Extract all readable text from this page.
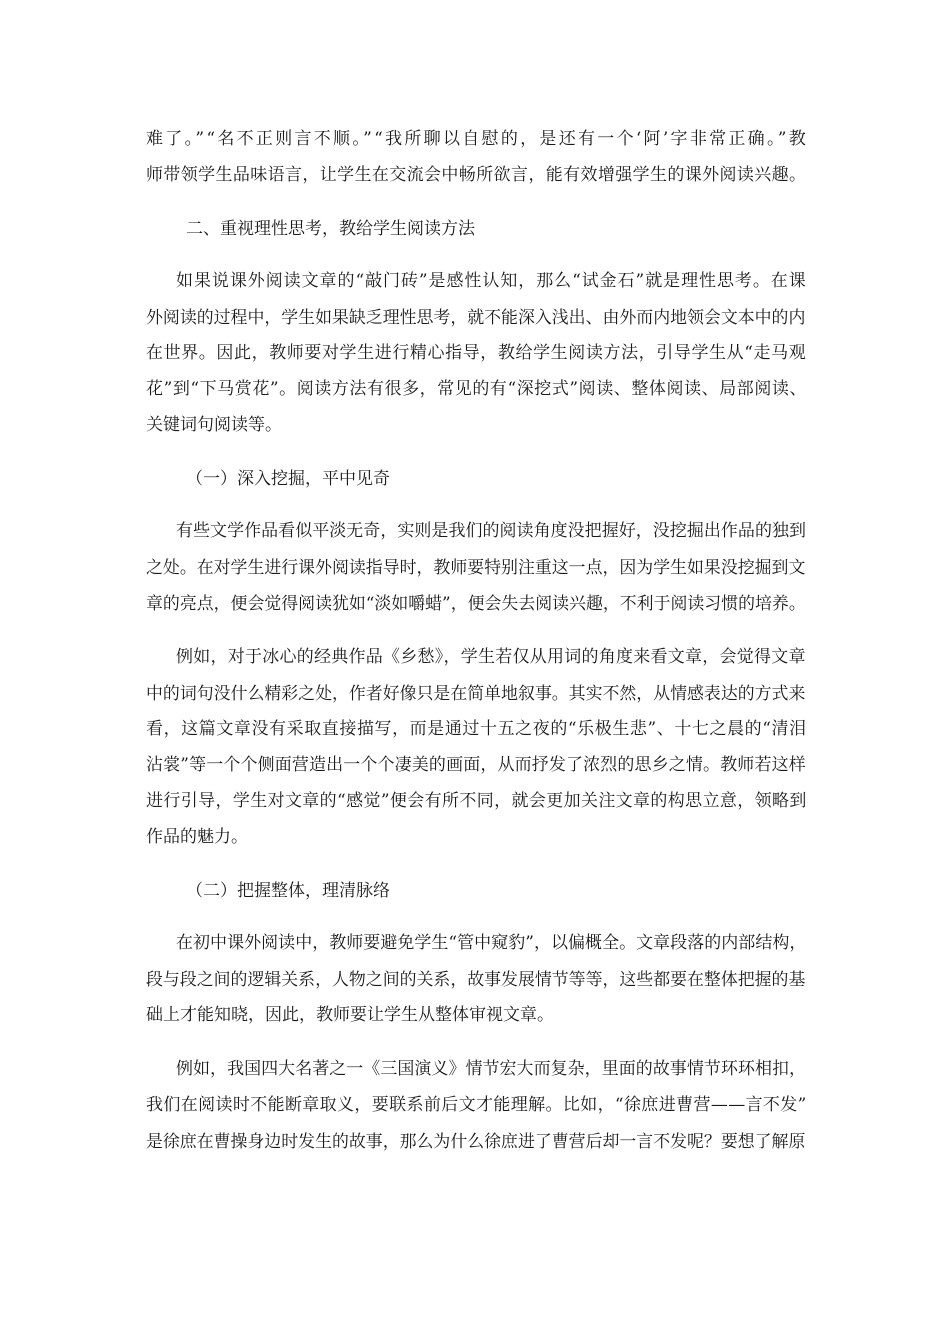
难了。”“名不正则言不顺。”“我所聊以自慰的，是还有一个‘阿’字非常正确。”教
师带领学生品味语言，让学生在交流会中畅所欲言，能有效增强学生的课外阅读兴趣。
二、重视理性思考，教给学生阅读方法
如果说课外阅读文章的“敲门砖”是感性认知，那么“试金石”就是理性思考。在课
外阅读的过程中，学生如果缺乏理性思考，就不能深入浅出、由外而内地领会文本中的内
在世界。因此，教师要对学生进行精心指导，教给学生阅读方法，引导学生从“走马观
花”到“下马赏花”。阅读方法有很多，常见的有“深挖式”阅读、整体阅读、局部阅读、
关键词句阅读等。
（一）深入挖掘，平中见奇
有些文学作品看似平淡无奇，实则是我们的阅读角度没把握好，没挖掘出作品的独到
之处。在对学生进行课外阅读指导时，教师要特别注重这一点，因为学生如果没挖掘到文
章的亮点，便会觉得阅读犹如“淡如嚼蜡”，便会失去阅读兴趣，不利于阅读习惯的培养。
例如，对于冰心的经典作品《乡愁》，学生若仅从用词的角度来看文章，会觉得文章
中的词句没什么精彩之处，作者好像只是在简单地叙事。其实不然，从情感表达的方式来
看，这篇文章没有采取直接描写，而是通过十五之夜的“乐极生悲”、十七之晨的“清泪
沾裳”等一个个侧面营造出一个个凄美的画面，从而抒发了浓烈的思乡之情。教师若这样
进行引导，学生对文章的“感觉”便会有所不同，就会更加关注文章的构思立意，领略到
作品的魅力。
（二）把握整体，理清脉络
在初中课外阅读中，教师要避免学生“管中窥豹”，以偏概全。文章段落的内部结构，
段与段之间的逻辑关系，人物之间的关系，故事发展情节等等，这些都要在整体把握的基
础上才能知晓，因此，教师要让学生从整体审视文章。
例如，我国四大名著之一《三国演义》情节宏大而复杂，里面的故事情节环环相扣，
我们在阅读时不能断章取义，要联系前后文才能理解。比如，“徐庶进曹营——言不发”
是徐庶在曹操身边时发生的故事，那么为什么徐庶进了曹营后却一言不发呢？要想了解原
